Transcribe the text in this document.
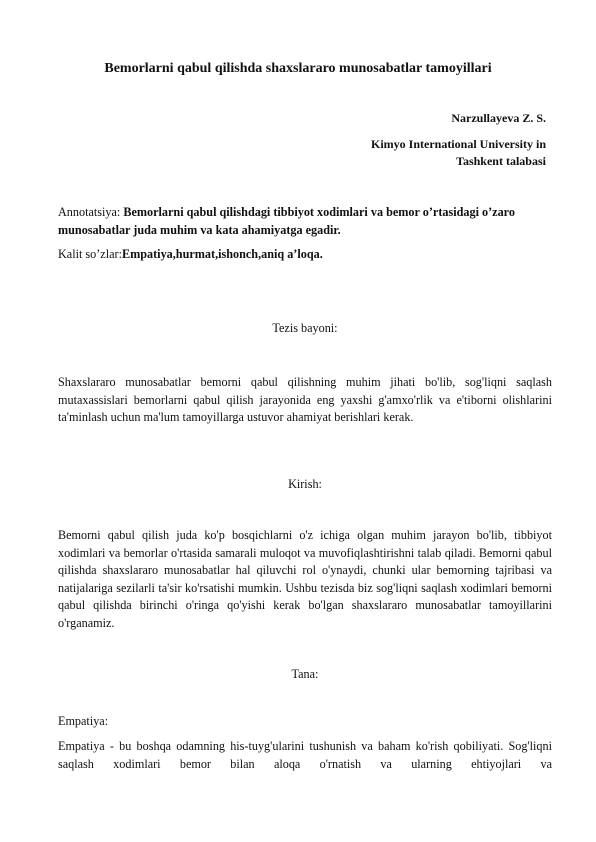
Bemorlarni qabul qilishda shaxslararo munosabatlar tamoyillari
Narzullayeva Z. S.
Kimyo International University in
Tashkent talabasi
Annotatsiya: Bemorlarni qabul qilishdagi tibbiyot xodimlari va bemor o’rtasidagi o’zaro munosabatlar juda muhim va kata ahamiyatga egadir.
Kalit so’zlar:Empatiya,hurmat,ishonch,aniq a’loqa.
Tezis bayoni:
Shaxslararo munosabatlar bemorni qabul qilishning muhim jihati bo'lib, sog'liqni saqlash mutaxassislari bemorlarni qabul qilish jarayonida eng yaxshi g'amxo'rlik va e'tiborni olishlarini ta'minlash uchun ma'lum tamoyillarga ustuvor ahamiyat berishlari kerak.
Kirish:
Bemorni qabul qilish juda ko'p bosqichlarni o'z ichiga olgan muhim jarayon bo'lib, tibbiyot xodimlari va bemorlar o'rtasida samarali muloqot va muvofiqlashtirishni talab qiladi. Bemorni qabul qilishda shaxslararo munosabatlar hal qiluvchi rol o'ynaydi, chunki ular bemorning tajribasi va natijalariga sezilarli ta'sir ko'rsatishi mumkin. Ushbu tezisda biz sog'liqni saqlash xodimlari bemorni qabul qilishda birinchi o'ringa qo'yishi kerak bo'lgan shaxslararo munosabatlar tamoyillarini o'rganamiz.
Tana:
Empatiya:
Empatiya - bu boshqa odamning his-tuyg'ularini tushunish va baham ko'rish qobiliyati. Sog'liqni saqlash xodimlari bemor bilan aloqa o'rnatish va ularning ehtiyojlari va
